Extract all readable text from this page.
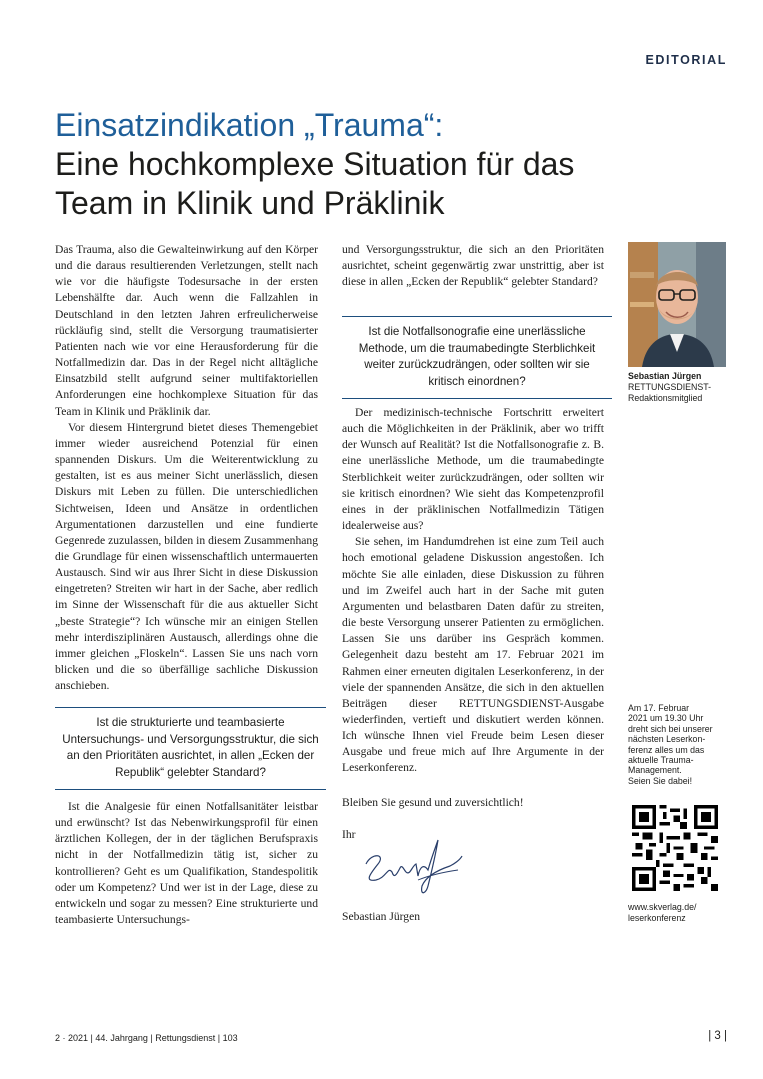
EDITORIAL
Einsatzindikation „Trauma“:
Eine hochkomplexe Situation für das
Team in Klinik und Präklinik

Das Trauma, also die Gewalteinwirkung auf den Körper und die daraus resultierenden Verletzungen, stellt nach wie vor die häufigste Todesursache in der ersten Lebenshälfte dar. Auch wenn die Fallzahlen in Deutschland in den letzten Jahren erfreulicherweise rückläufig sind, stellt die Versorgung traumatisierter Patienten nach wie vor eine Herausforderung für die Notfallmedizin dar. Das in der Regel nicht alltägliche Einsatzbild stellt aufgrund seiner multifaktoriellen Anforderungen eine hochkomplexe Situation für das Team in Klinik und Präklinik dar.

Vor diesem Hintergrund bietet dieses Themengebiet immer wieder ausreichend Potenzial für einen spannenden Diskurs. Um die Weiterentwicklung zu gestalten, ist es aus meiner Sicht unerlässlich, diesen Diskurs mit Leben zu füllen. Die unterschiedlichen Sichtweisen, Ideen und Ansätze in ordentlichen Argumentationen darzustellen und eine fundierte Gegenrede zuzulassen, bilden in diesem Zusammenhang die Grundlage für einen wissenschaftlich untermauerten Austausch. Sind wir aus Ihrer Sicht in diese Diskussion eingetreten? Streiten wir hart in der Sache, aber redlich im Sinne der Wissenschaft für die aus aktueller Sicht „beste Strategie“? Ich wünsche mir an einigen Stellen mehr interdisziplinären Austausch, allerdings ohne die immer gleichen „Floskeln“. Lassen Sie uns nach vorn blicken und die so überfällige sachliche Diskussion anschieben.

Ist die strukturierte und teambasierte Untersuchungs- und Versorgungsstruktur, die sich an den Prioritäten ausrichtet, in allen „Ecken der Republik“ gelebter Standard?

Ist die Analgesie für einen Notfallsanitäter leistbar und erwünscht? Ist das Nebenwirkungsprofil für einen ärztlichen Kollegen, der in der täglichen Berufspraxis nicht in der Notfallmedizin tätig ist, sicher zu kontrollieren? Geht es um Qualifikation, Standespolitik oder um Kompetenz? Und wer ist in der Lage, diese zu entwickeln und sogar zu messen? Eine strukturierte und teambasierte Untersuchungs-

und Versorgungsstruktur, die sich an den Prioritäten ausrichtet, scheint gegenwärtig zwar unstrittig, aber ist diese in allen „Ecken der Republik“ gelebter Standard?

Ist die Notfallsonografie eine unerlässliche Methode, um die traumabedingte Sterblichkeit weiter zurückzudrängen, oder sollten wir sie kritisch einordnen?

Der medizinisch-technische Fortschritt erweitert auch die Möglichkeiten in der Präklinik, aber wo trifft der Wunsch auf Realität? Ist die Notfallsonografie z. B. eine unerlässliche Methode, um die traumabedingte Sterblichkeit weiter zurückzudrängen, oder sollten wir sie kritisch einordnen? Wie sieht das Kompetenzprofil eines in der präklinischen Notfallmedizin Tätigen idealerweise aus?

Sie sehen, im Handumdrehen ist eine zum Teil auch hoch emotional geladene Diskussion angestoßen. Ich möchte Sie alle einladen, diese Diskussion zu führen und im Zweifel auch hart in der Sache mit guten Argumenten und belastbaren Daten dafür zu streiten, die beste Versorgung unserer Patienten zu ermöglichen. Lassen Sie uns darüber ins Gespräch kommen. Gelegenheit dazu besteht am 17. Februar 2021 im Rahmen einer erneuten digitalen Leserkonferenz, in der viele der spannenden Ansätze, die sich in den aktuellen Beiträgen dieser RETTUNGSDIENST-Ausgabe wiederfinden, vertieft und diskutiert werden können. Ich wünsche Ihnen viel Freude beim Lesen dieser Ausgabe und freue mich auf Ihre Argumente in der Leserkonferenz.

Bleiben Sie gesund und zuversichtlich!
Ihr
Sebastian Jürgen
Sebastian Jürgen
RETTUNGSDIENST-Redaktionsmitglied
Am 17. Februar
2021 um 19.30 Uhr
dreht sich bei unserer
nächsten Leserkon-
ferenz alles um das
aktuelle Trauma-
Management.
Seien Sie dabei!
www.skverlag.de/
leserkonferenz
2 · 2021 | 44. Jahrgang | Rettungsdienst | 103	| 3 |
